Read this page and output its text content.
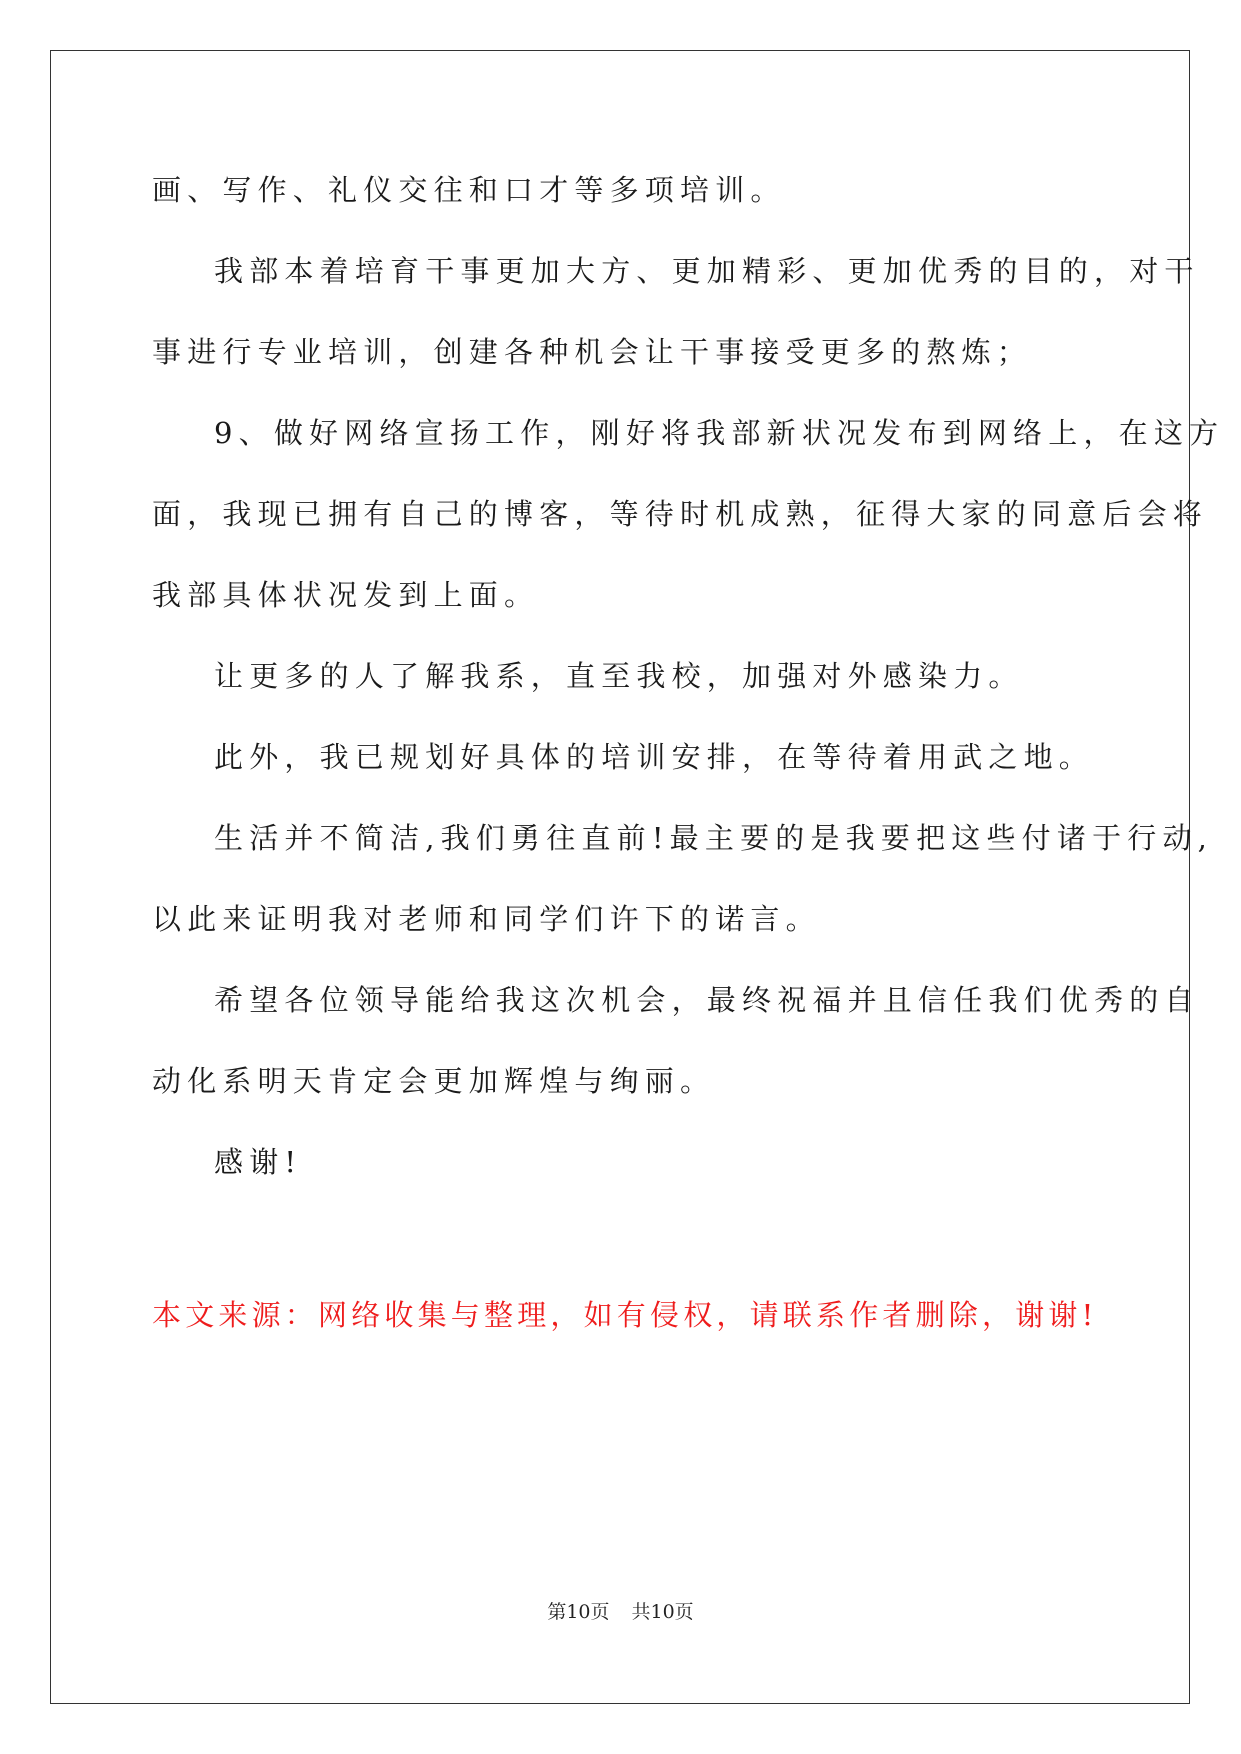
画、写作、礼仪交往和口才等多项培训。
我部本着培育干事更加大方、更加精彩、更加优秀的目的，对干
事进行专业培训，创建各种机会让干事接受更多的熬炼；
9、做好网络宣扬工作，刚好将我部新状况发布到网络上，在这方
面，我现已拥有自己的博客，等待时机成熟，征得大家的同意后会将
我部具体状况发到上面。
让更多的人了解我系，直至我校，加强对外感染力。
此外，我已规划好具体的培训安排，在等待着用武之地。
生活并不简洁,我们勇往直前!最主要的是我要把这些付诸于行动,
以此来证明我对老师和同学们许下的诺言。
希望各位领导能给我这次机会，最终祝福并且信任我们优秀的自
动化系明天肯定会更加辉煌与绚丽。
感谢!
本文来源：网络收集与整理，如有侵权，请联系作者删除，谢谢!
第10页 共10页
